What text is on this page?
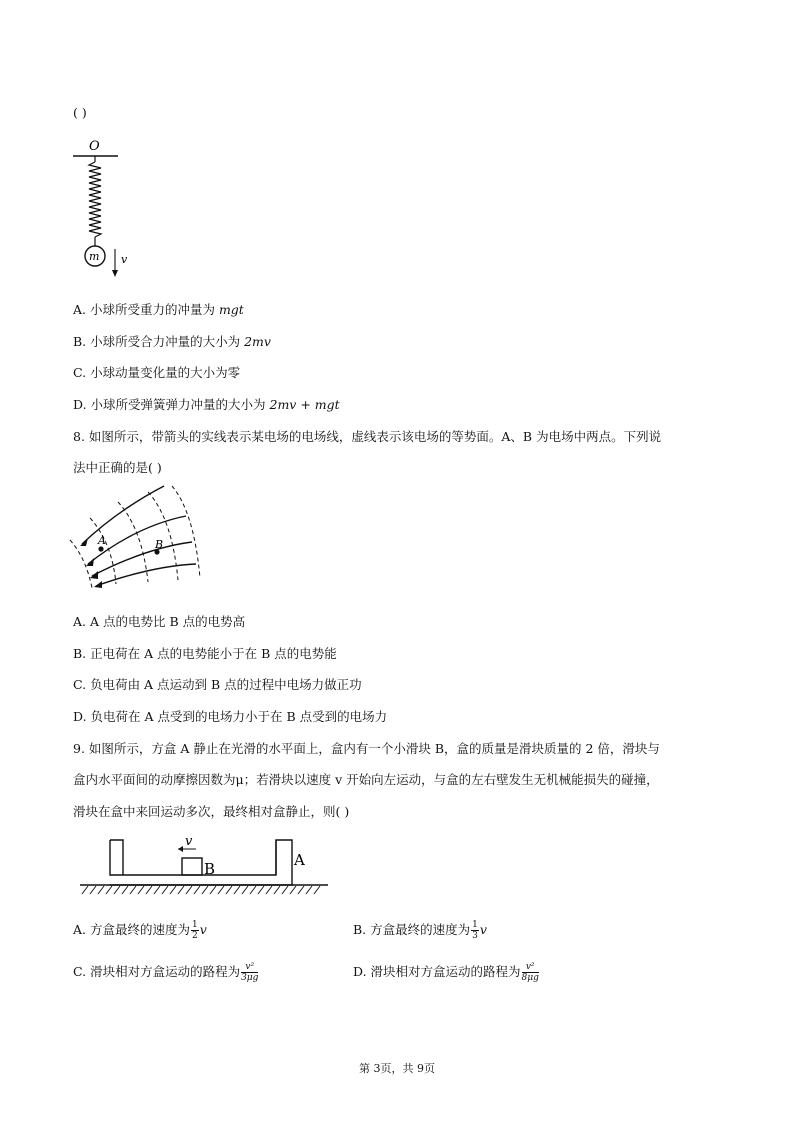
( )
O
m v
A. 小球所受重力的冲量为 mgt
B. 小球所受合力冲量的大小为 2mv
C. 小球动量变化量的大小为零
D. 小球所受弹簧弹力冲量的大小为 2mv + mgt
8. 如图所示，带箭头的实线表示某电场的电场线，虚线表示该电场的等势面。A、B 为电场中两点。下列说
法中正确的是( )
A	B
A. A 点的电势比 B 点的电势高
B. 正电荷在 A 点的电势能小于在 B 点的电势能
C. 负电荷由 A 点运动到 B 点的过程中电场力做正功
D. 负电荷在 A 点受到的电场力小于在 B 点受到的电场力
9. 如图所示，方盒 A 静止在光滑的水平面上，盒内有一个小滑块 B，盒的质量是滑块质量的 2 倍，滑块与
盒内水平面间的动摩擦因数为μ；若滑块以速度 v 开始向左运动，与盒的左右壁发生无机械能损失的碰撞，
滑块在盒中来回运动多次，最终相对盒静止，则( )
v
B	A
A. 方盒最终的速度为 $\frac{1}{2}$ v	B. 方盒最终的速度为 $\frac{1}{3}$ v
C. 滑块相对方盒运动的路程为 $\frac{\text{v²}}{3\mu g}$	D. 滑块相对方盒运动的路程为 $\frac{\text{v²}}{8\mu g}$
第 3页，共 9页
